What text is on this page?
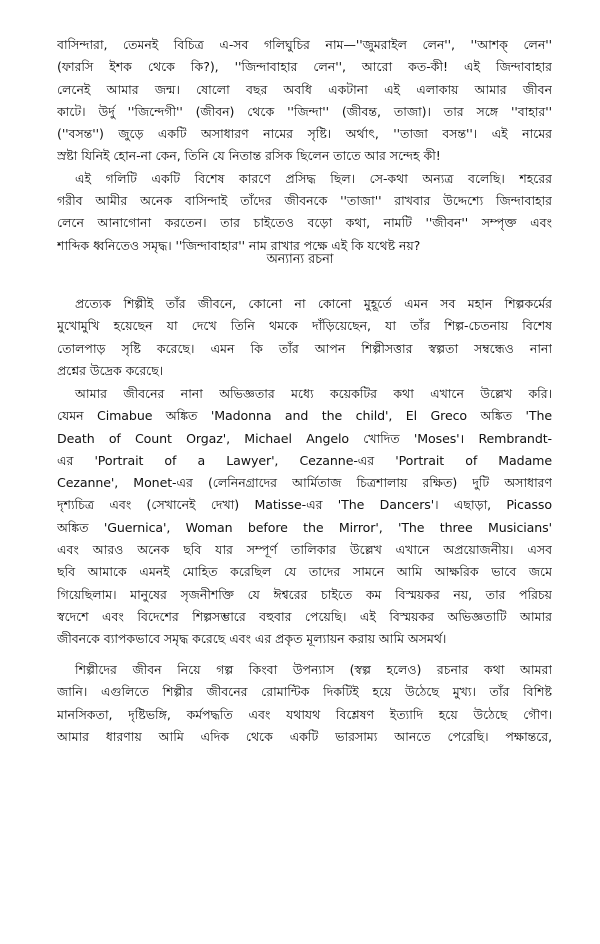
বাসিন্দারা, তেমনই বিচিত্র এ-সব গলিঘুচির নাম—''জুমরাইল লেন'', ''আশক্ লেন''
(ফারসি ইশক থেকে কি?), ''জিন্দাবাহার লেন'', আরো কত-কী! এই জিন্দাবাহার
লেনেই আমার জন্ম। ষোলো বছর অবধি একটানা এই এলাকায় আমার জীবন
কাটে। উর্দু ''জিন্দেগী'' (জীবন) থেকে ''জিন্দা'' (জীবন্ত, তাজা)। তার সঙ্গে ''বাহার''
(''বসন্ত'') জুড়ে একটি অসাধারণ নামের সৃষ্টি। অর্থাৎ, ''তাজা বসন্ত''। এই নামের
স্রষ্টা যিনিই হোন-না কেন, তিনি যে নিতান্ত রসিক ছিলেন তাতে আর সন্দেহ কী!
এই গলিটি একটি বিশেষ কারণে প্রসিদ্ধ ছিল। সে-কথা অন্যত্র বলেছি। শহরের
গরীব আমীর অনেক বাসিন্দাই তাঁদের জীবনকে ''তাজা'' রাখবার উদ্দেশ্যে জিন্দাবাহার
লেনে আনাগোনা করতেন। তার চাইতেও বড়ো কথা, নামটি ''জীবন'' সম্পৃক্ত এবং
শাব্দিক ধ্বনিতেও সমৃদ্ধ। ''জিন্দাবাহার'' নাম রাখার পক্ষে এই কি যথেষ্ট নয়?
অন্যান্য রচনা
প্রত্যেক শিল্পীই তাঁর জীবনে, কোনো না কোনো মুহূর্তে এমন সব মহান শিল্পকর্মের
মুখোমুখি হয়েছেন যা দেখে তিনি থমকে দাঁড়িয়েছেন, যা তাঁর শিল্প-চেতনায় বিশেষ
তোলপাড় সৃষ্টি করেছে। এমন কি তাঁর আপন শিল্পীসত্তার স্বল্পতা সম্বন্ধেও নানা
প্রশ্নের উদ্রেক করেছে।
আমার জীবনের নানা অভিজ্ঞতার মধ্যে কয়েকটির কথা এখানে উল্লেখ করি।
যেমন Cimabue অঙ্কিত 'Madonna and the child', El Greco অঙ্কিত 'The
Death of Count Orgaz', Michael Angelo খোদিত 'Moses'। Rembrandt-
এর 'Portrait of a Lawyer', Cezanne-এর 'Portrait of Madame
Cezanne', Monet-এর (লেনিনগ্রাদের আর্মিতাজ চিত্রশালায় রক্ষিত) দুটি অসাধারণ
দৃশ্যচিত্র এবং (সেখানেই দেখা) Matisse-এর 'The Dancers'। এছাড়া, Picasso
অঙ্কিত 'Guernica', Woman before the Mirror', 'The three Musicians'
এবং আরও অনেক ছবি যার সম্পূর্ণ তালিকার উল্লেখ এখানে অপ্রয়োজনীয়। এসব
ছবি আমাকে এমনই মোহিত করেছিল যে তাদের সামনে আমি আক্ষরিক ভাবে জমে
গিয়েছিলাম। মানুষের সৃজনীশক্তি যে ঈশ্বরের চাইতে কম বিস্ময়কর নয়, তার পরিচয়
স্বদেশে এবং বিদেশের শিল্পসম্ভারে বহুবার পেয়েছি। এই বিস্ময়কর অভিজ্ঞতাটি আমার
জীবনকে ব্যাপকভাবে সমৃদ্ধ করেছে এবং এর প্রকৃত মূল্যায়ন করায় আমি অসমর্থ।
শিল্পীদের জীবন নিয়ে গল্প কিংবা উপন্যাস (স্বল্প হলেও) রচনার কথা আমরা
জানি। এগুলিতে শিল্পীর জীবনের রোমান্টিক দিকটিই হয়ে উঠেছে মুখ্য। তাঁর বিশিষ্ট
মানসিকতা, দৃষ্টিভঙ্গি, কর্মপদ্ধতি এবং যথাযথ বিশ্লেষণ ইত্যাদি হয়ে উঠেছে গৌণ।
আমার ধারণায় আমি এদিক থেকে একটি ভারসাম্য আনতে পেরেছি। পক্ষান্তরে,
